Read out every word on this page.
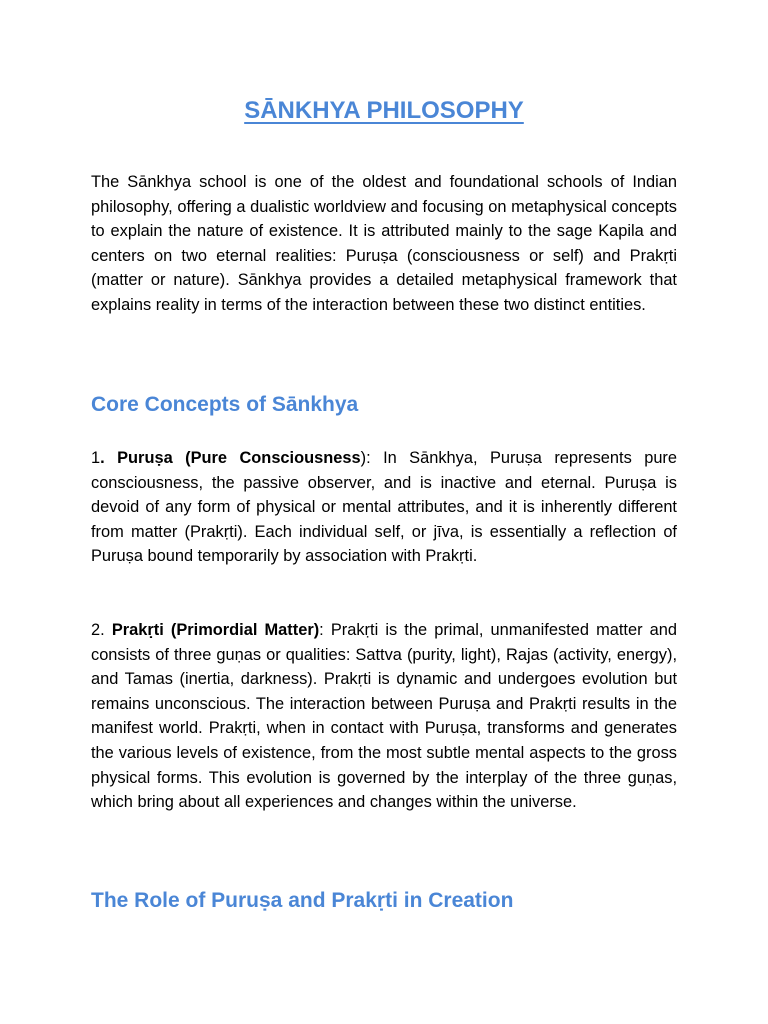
SĀNKHYA PHILOSOPHY

The Sānkhya school is one of the oldest and foundational schools of Indian philosophy, offering a dualistic worldview and focusing on metaphysical concepts to explain the nature of existence. It is attributed mainly to the sage Kapila and centers on two eternal realities: Puruṣa (consciousness or self) and Prakṛti (matter or nature). Sānkhya provides a detailed metaphysical framework that explains reality in terms of the interaction between these two distinct entities.

Core Concepts of Sānkhya

1. Puruṣa (Pure Consciousness): In Sānkhya, Puruṣa represents pure consciousness, the passive observer, and is inactive and eternal. Puruṣa is devoid of any form of physical or mental attributes, and it is inherently different from matter (Prakṛti). Each individual self, or jīva, is essentially a reflection of Puruṣa bound temporarily by association with Prakṛti.

2. Prakṛti (Primordial Matter): Prakṛti is the primal, unmanifested matter and consists of three guṇas or qualities: Sattva (purity, light), Rajas (activity, energy), and Tamas (inertia, darkness). Prakṛti is dynamic and undergoes evolution but remains unconscious. The interaction between Puruṣa and Prakṛti results in the manifest world. Prakṛti, when in contact with Puruṣa, transforms and generates the various levels of existence, from the most subtle mental aspects to the gross physical forms. This evolution is governed by the interplay of the three guṇas, which bring about all experiences and changes within the universe.

The Role of Puruṣa and Prakṛti in Creation
